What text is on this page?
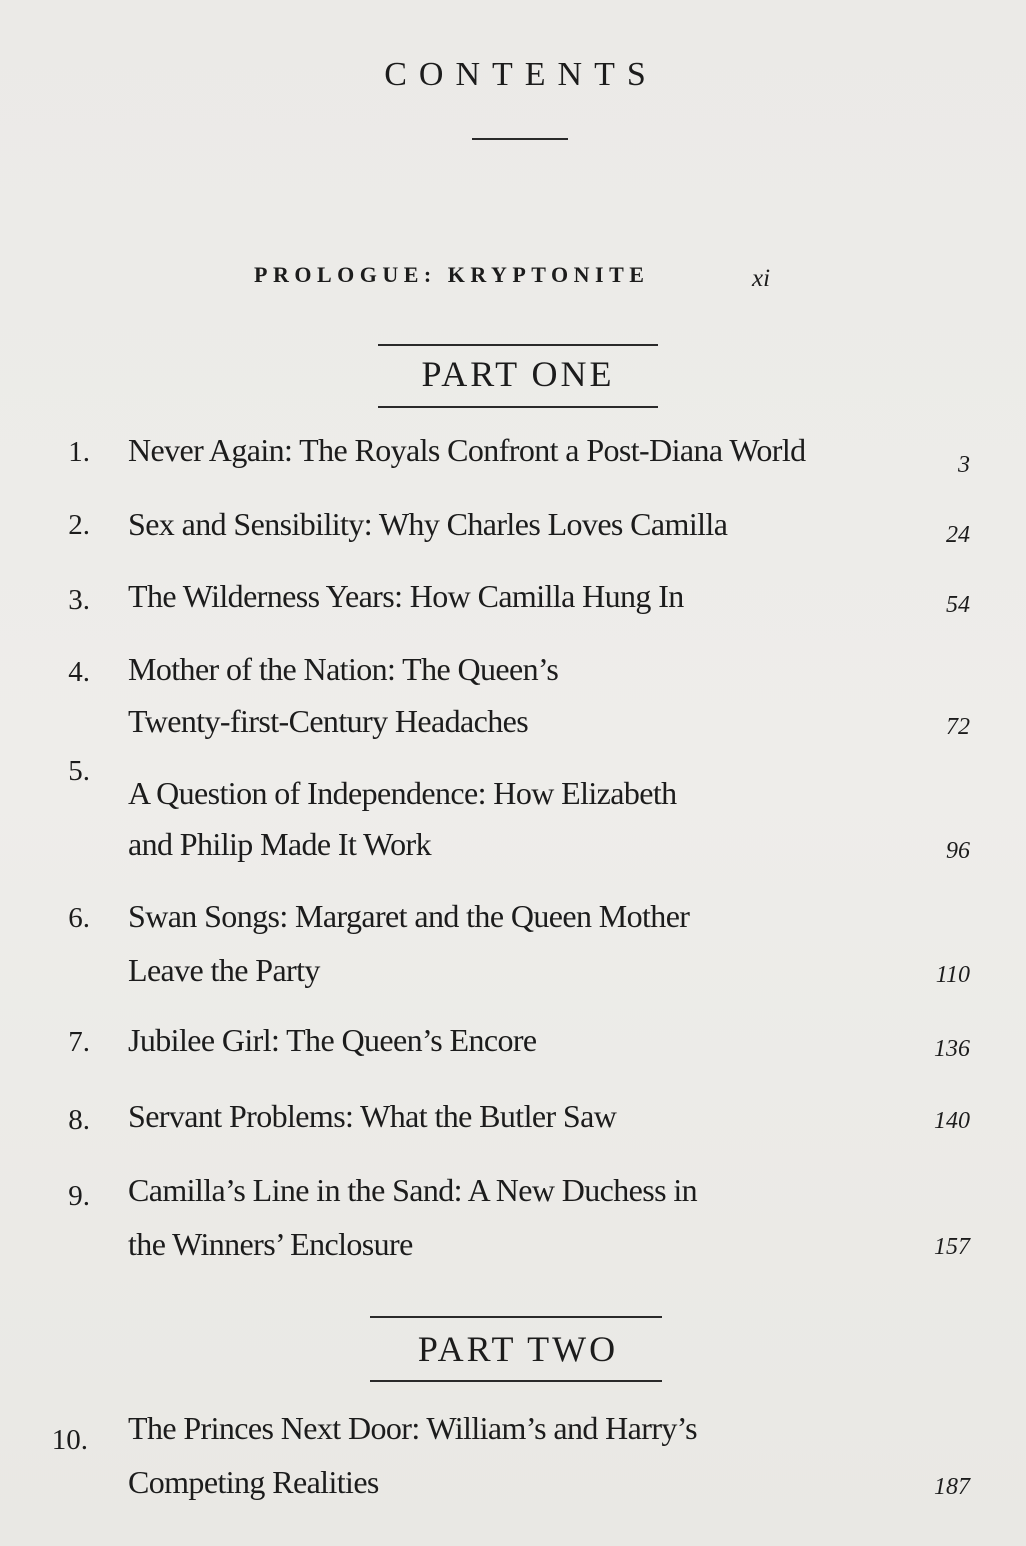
CONTENTS
PROLOGUE: KRYPTONITE	xi
PART ONE
1. Never Again: The Royals Confront a Post-Diana World	3
2. Sex and Sensibility: Why Charles Loves Camilla	24
3. The Wilderness Years: How Camilla Hung In	54
4. Mother of the Nation: The Queen’s
Twenty-first-Century Headaches	72
5.
A Question of Independence: How Elizabeth
and Philip Made It Work	96
6. Swan Songs: Margaret and the Queen Mother
Leave the Party	110
7. Jubilee Girl: The Queen’s Encore	136
8. Servant Problems: What the Butler Saw	140
9. Camilla’s Line in the Sand: A New Duchess in
the Winners’ Enclosure	157
PART TWO
10. The Princes Next Door: William’s and Harry’s
Competing Realities	187
